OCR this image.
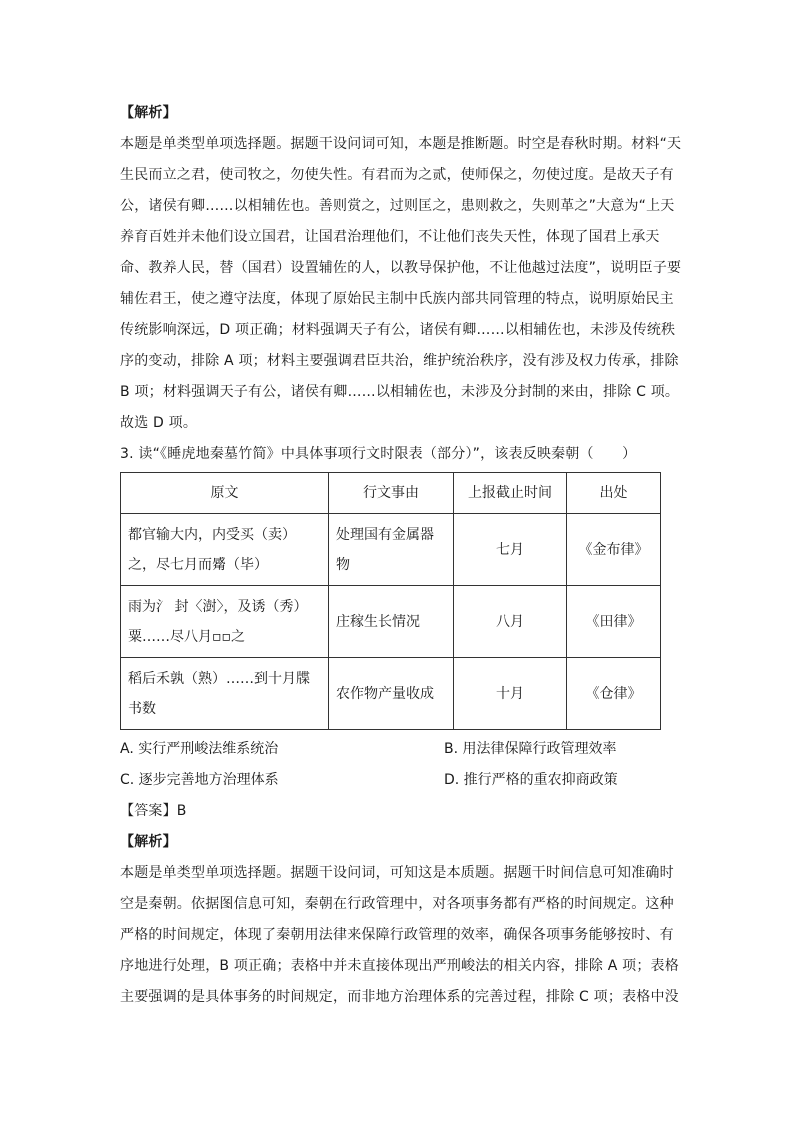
【解析】
本题是单类型单项选择题。据题干设问词可知，本题是推断题。时空是春秋时期。材料“天
生民而立之君，使司牧之，勿使失性。有君而为之贰，使师保之，勿使过度。是故天子有
公，诸侯有卿……以相辅佐也。善则赏之，过则匡之，患则救之，失则革之”大意为“上天
养育百姓并未他们设立国君，让国君治理他们，不让他们丧失天性，体现了国君上承天
命、教养人民，替（国君）设置辅佐的人，以教导保护他，不让他越过法度”，说明臣子要
辅佐君王，使之遵守法度，体现了原始民主制中氏族内部共同管理的特点，说明原始民主
传统影响深远，D 项正确；材料强调天子有公，诸侯有卿……以相辅佐也，未涉及传统秩
序的变动，排除 A 项；材料主要强调君臣共治，维护统治秩序，没有涉及权力传承，排除
B 项；材料强调天子有公，诸侯有卿……以相辅佐也，未涉及分封制的来由，排除 C 项。
故选 D 项。
3. 读“《睡虎地秦墓竹简》中具体事项行文时限表（部分）”，该表反映秦朝（　　）
原文	行文事由	上报截止时间	出处
都官输大内，内受买（卖）之，尽七月而觱（毕）	处理国有金属器物	七月	《金布律》
雨为氵 封〈澍〉，及诱（秀）粟……尽八月▫▫之	庄稼生长情况	八月	《田律》
稻后禾孰（熟）……到十月牒书数	农作物产量收成	十月	《仓律》
A. 实行严刑峻法维系统治	B. 用法律保障行政管理效率
C. 逐步完善地方治理体系	D. 推行严格的重农抑商政策
【答案】B
【解析】
本题是单类型单项选择题。据题干设问词，可知这是本质题。据题干时间信息可知准确时
空是秦朝。依据图信息可知，秦朝在行政管理中，对各项事务都有严格的时间规定。这种
严格的时间规定，体现了秦朝用法律来保障行政管理的效率，确保各项事务能够按时、有
序地进行处理，B 项正确；表格中并未直接体现出严刑峻法的相关内容，排除 A 项；表格
主要强调的是具体事务的时间规定，而非地方治理体系的完善过程，排除 C 项；表格中没
